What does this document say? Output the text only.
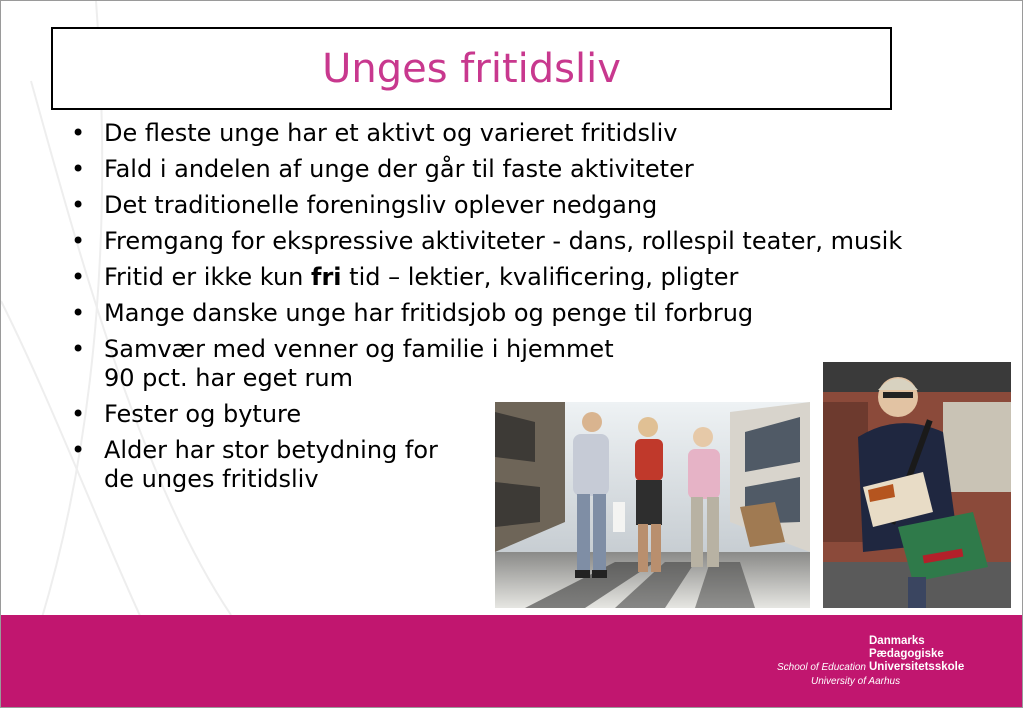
Unges fritidsliv
• De fleste unge har et aktivt og varieret fritidsliv
• Fald i andelen af unge der går til faste aktiviteter
• Det traditionelle foreningsliv oplever nedgang
• Fremgang for ekspressive aktiviteter - dans, rollespil teater, musik
• Fritid er ikke kun fri tid – lektier, kvalificering, pligter
• Mange danske unge har fritidsjob og penge til forbrug
• Samvær med venner og familie i hjemmet
90 pct. har eget rum
• Fester og byture
• Alder har stor betydning for
de unges fritidsliv
School of Education
Danmarks
Pædagogiske
Universitetsskole
University of Aarhus
